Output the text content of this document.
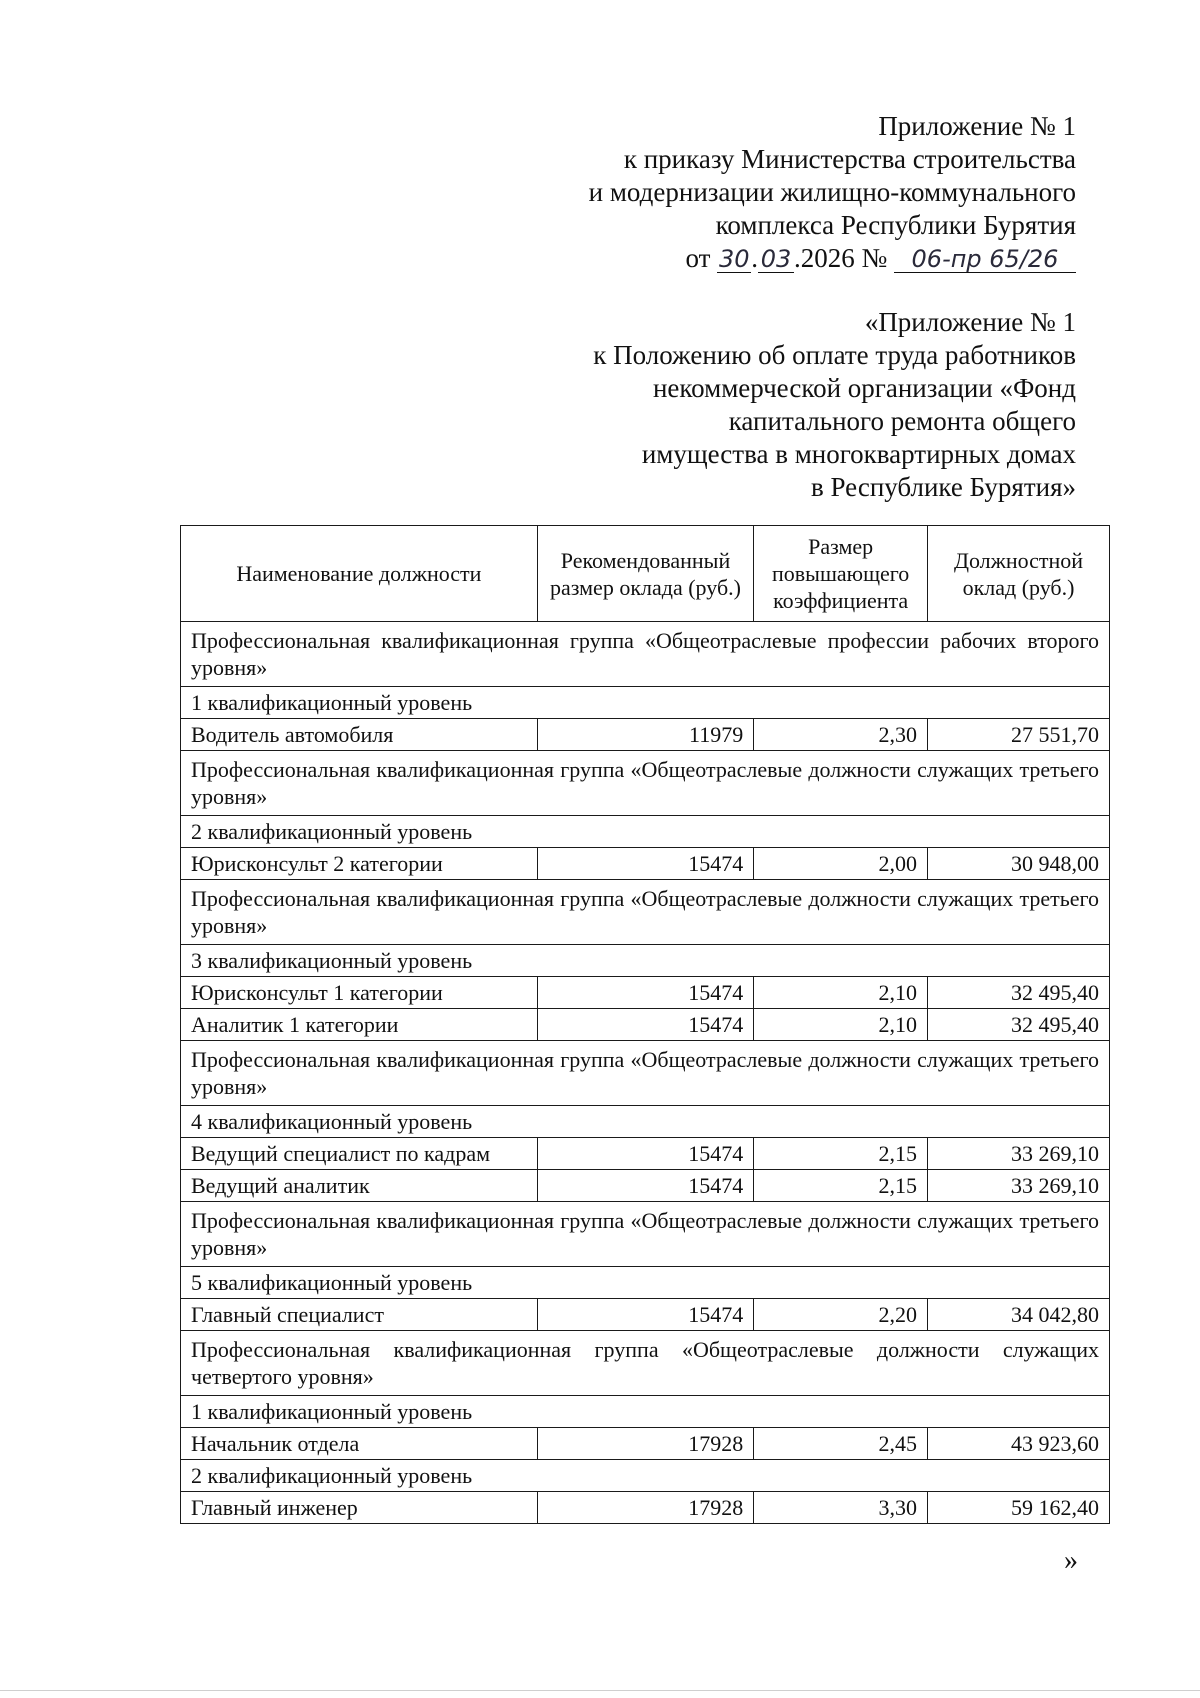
Приложение № 1
к приказу Министерства строительства
и модернизации жилищно-коммунального
комплекса Республики Бурятия
от 30. 03 .2026 № 06-пр 65/26
«Приложение № 1
к Положению об оплате труда работников
некоммерческой организации «Фонд
капитального ремонта общего
имущества в многоквартирных домах
в Республике Бурятия»
Наименование должности	Рекомендованный размер оклада (руб.)	Размер повышающего коэффициента	Должностной оклад (руб.)
Профессиональная квалификационная группа «Общеотраслевые профессии рабочих второго уровня»			
1 квалификационный уровень			
Водитель автомобиля	11979	2,30	27 551,70
Профессиональная квалификационная группа «Общеотраслевые должности служащих третьего уровня»			
2 квалификационный уровень			
Юрисконсульт 2 категории	15474	2,00	30 948,00
Профессиональная квалификационная группа «Общеотраслевые должности служащих третьего уровня»			
3 квалификационный уровень			
Юрисконсульт 1 категории	15474	2,10	32 495,40
Аналитик 1 категории	15474	2,10	32 495,40
Профессиональная квалификационная группа «Общеотраслевые должности служащих третьего уровня»			
4 квалификационный уровень			
Ведущий специалист по кадрам	15474	2,15	33 269,10
Ведущий аналитик	15474	2,15	33 269,10
Профессиональная квалификационная группа «Общеотраслевые должности служащих третьего уровня»			
5 квалификационный уровень			
Главный специалист	15474	2,20	34 042,80
Профессиональная квалификационная группа «Общеотраслевые должности служащих четвертого уровня»			
1 квалификационный уровень			
Начальник отдела	17928	2,45	43 923,60
2 квалификационный уровень			
Главный инженер	17928	3,30	59 162,40
»
